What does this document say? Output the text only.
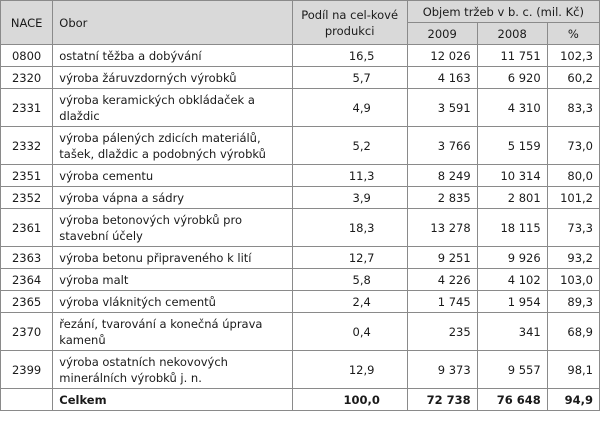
NACE	Obor	Podíl na cel-kové produkci	Objem tržeb v b. c. (mil. Kč)		
			2009	2008	%
0800	ostatní těžba a dobývání	16,5	12 026	11 751	102,3
2320	výroba žáruvzdorných výrobků	5,7	4 163	6 920	60,2
2331	výroba keramických obkládaček a dlaždic	4,9	3 591	4 310	83,3
2332	výroba pálených zdicích materiálů, tašek, dlaždic a podobných výrobků	5,2	3 766	5 159	73,0
2351	výroba cementu	11,3	8 249	10 314	80,0
2352	výroba vápna a sádry	3,9	2 835	2 801	101,2
2361	výroba betonových výrobků pro stavební účely	18,3	13 278	18 115	73,3
2363	výroba betonu připraveného k lití	12,7	9 251	9 926	93,2
2364	výroba malt	5,8	4 226	4 102	103,0
2365	výroba vláknitých cementů	2,4	1 745	1 954	89,3
2370	řezání, tvarování a konečná úprava kamenů	0,4	235	341	68,9
2399	výroba ostatních nekovových minerálních výrobků j. n.	12,9	9 373	9 557	98,1
	Celkem	100,0	72 738	76 648	94,9
